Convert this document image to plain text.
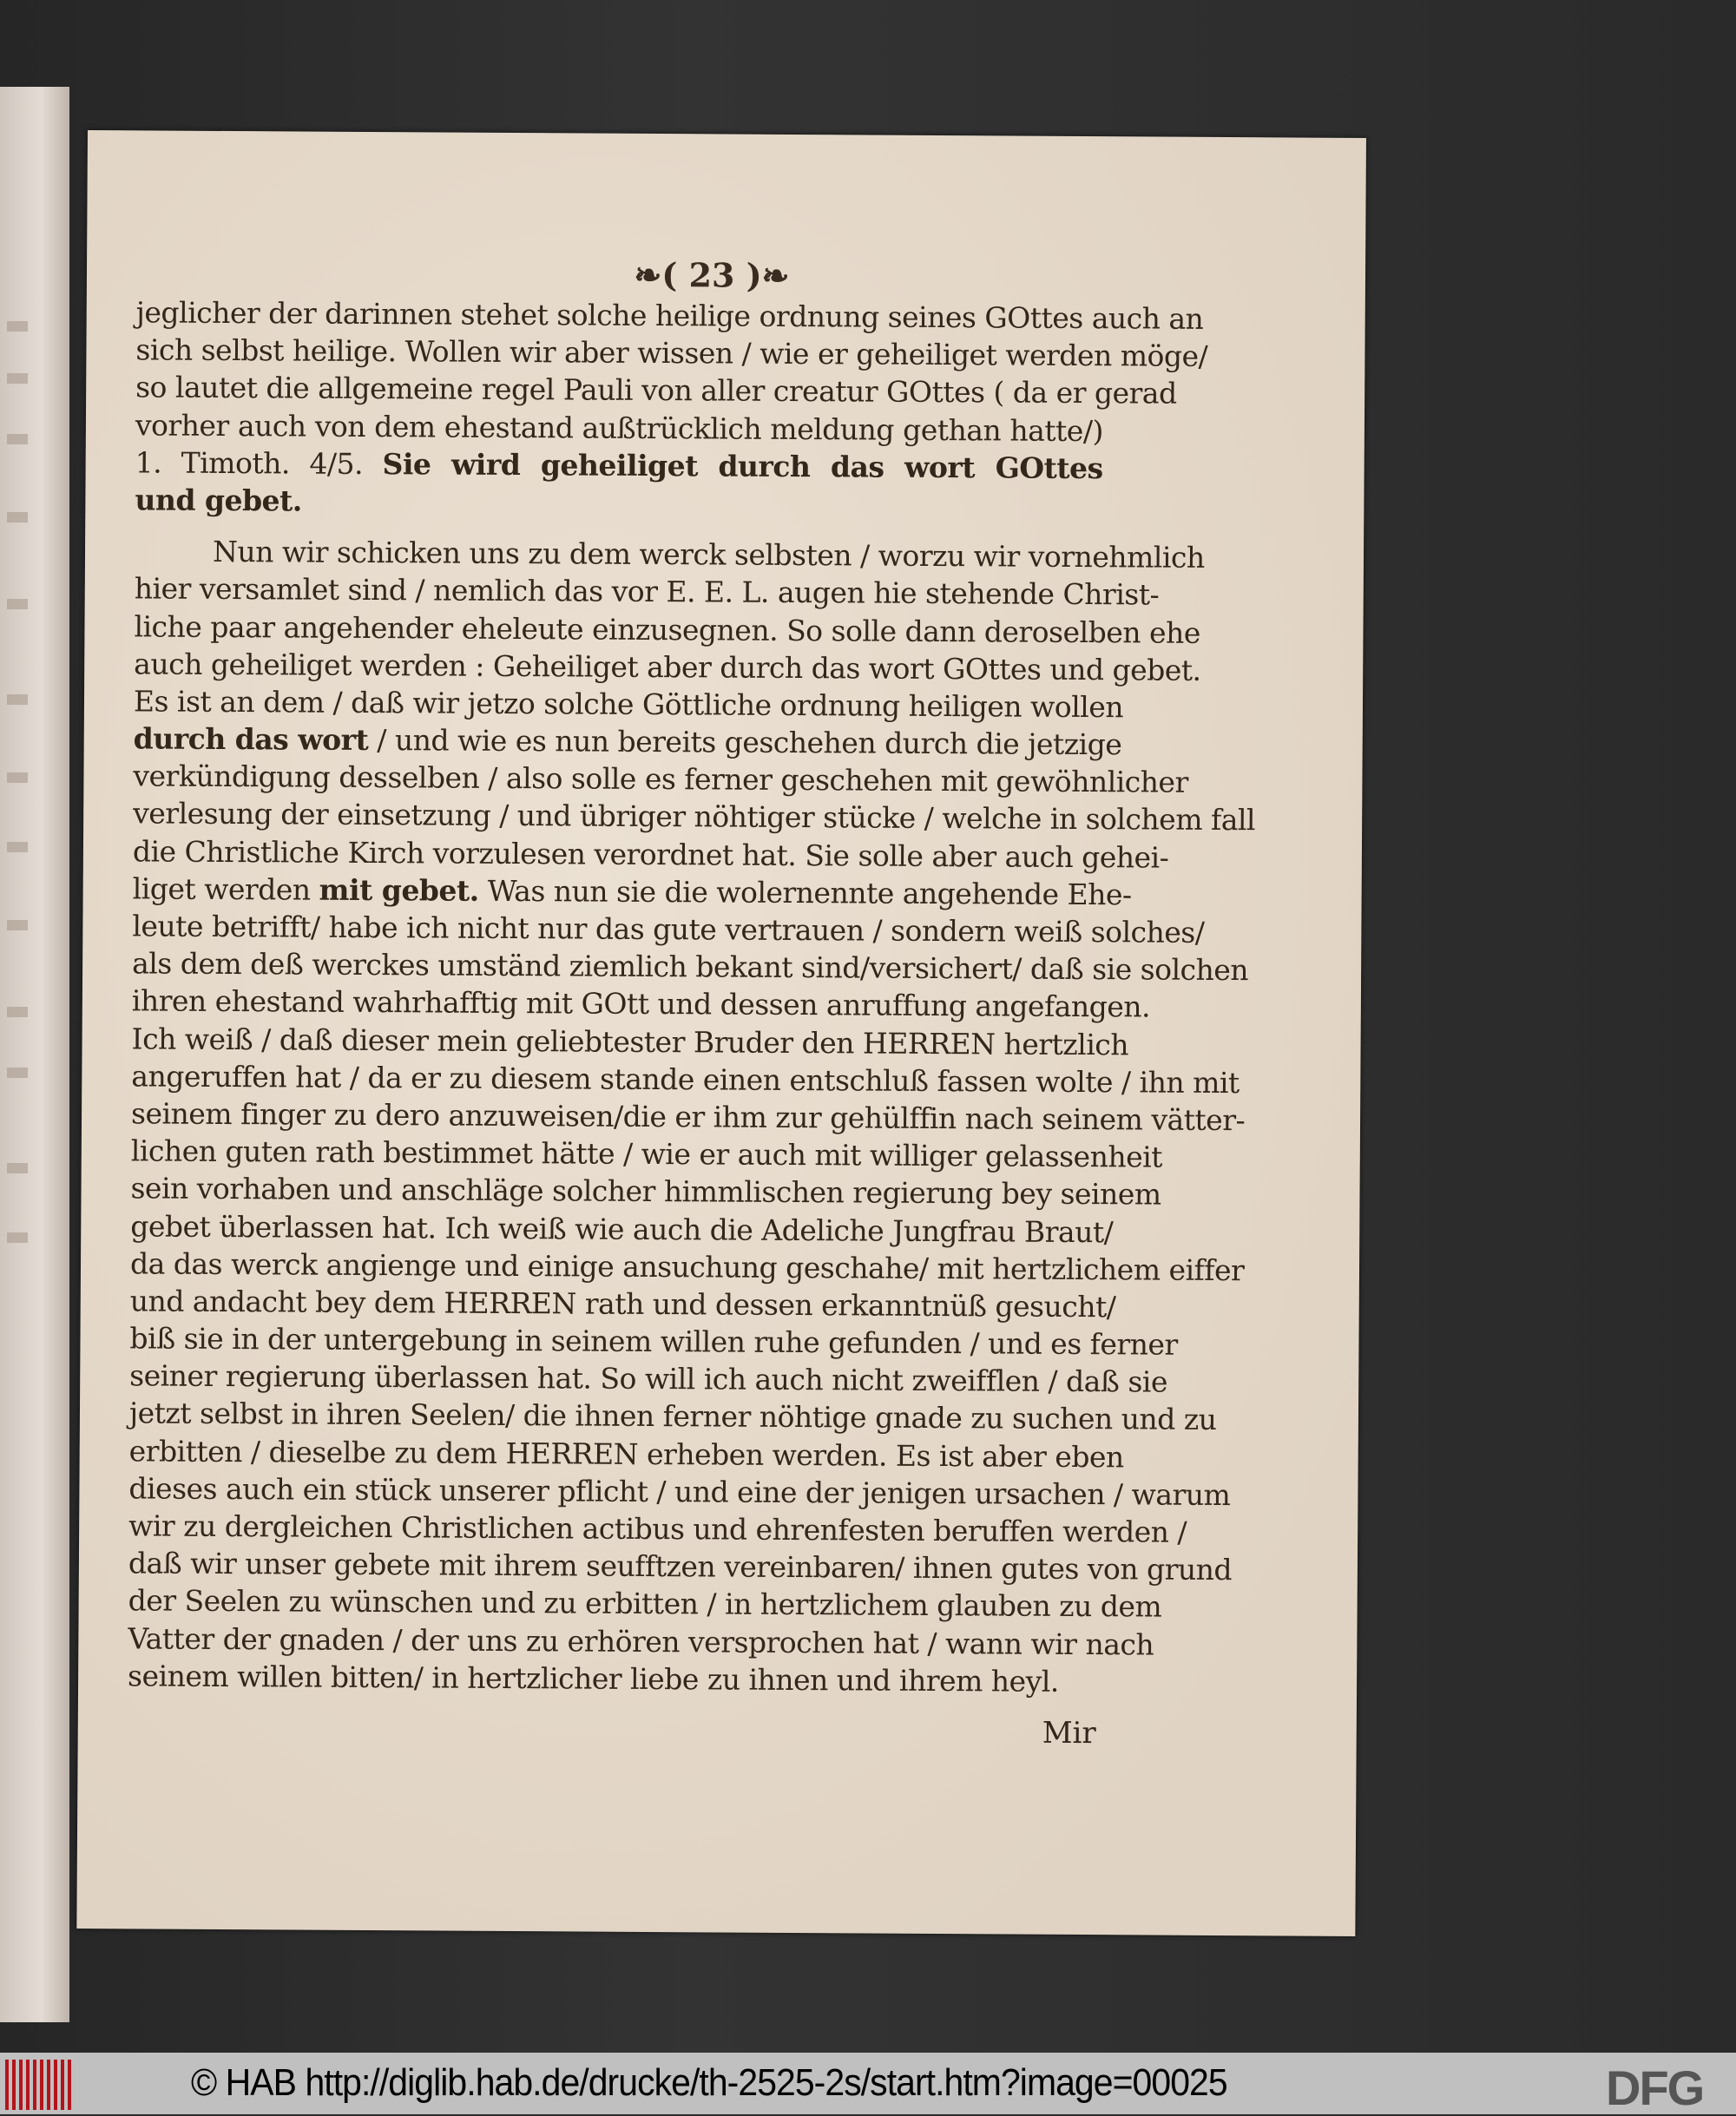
❧( 23 )❧
jeglicher der darinnen stehet solche heilige ordnung seines GOttes auch an
sich selbst heilige. Wollen wir aber wissen / wie er geheiliget werden möge/
so lautet die allgemeine regel Pauli von aller creatur GOttes ( da er gerad
vorher auch von dem ehestand außtrücklich meldung gethan hatte/)
1. Timoth. 4/5. Sie wird geheiliget durch das wort GOttes
und gebet.
Nun wir schicken uns zu dem werck selbsten / worzu wir vornehmlich
hier versamlet sind / nemlich das vor E. E. L. augen hie stehende Christ-
liche paar angehender eheleute einzusegnen. So solle dann deroselben ehe
auch geheiliget werden : Geheiliget aber durch das wort GOttes und gebet.
Es ist an dem / daß wir jetzo solche Göttliche ordnung heiligen wollen
durch das wort / und wie es nun bereits geschehen durch die jetzige
verkündigung desselben / also solle es ferner geschehen mit gewöhnlicher
verlesung der einsetzung / und übriger nöhtiger stücke / welche in solchem fall
die Christliche Kirch vorzulesen verordnet hat. Sie solle aber auch gehei-
liget werden mit gebet. Was nun sie die wolernennte angehende Ehe-
leute betrifft/ habe ich nicht nur das gute vertrauen / sondern weiß solches/
als dem deß werckes umständ ziemlich bekant sind/versichert/ daß sie solchen
ihren ehestand wahrhafftig mit GOtt und dessen anruffung angefangen.
Ich weiß / daß dieser mein geliebtester Bruder den HERREN hertzlich
angeruffen hat / da er zu diesem stande einen entschluß fassen wolte / ihn mit
seinem finger zu dero anzuweisen/die er ihm zur gehülffin nach seinem vätter-
lichen guten rath bestimmet hätte / wie er auch mit williger gelassenheit
sein vorhaben und anschläge solcher himmlischen regierung bey seinem
gebet überlassen hat. Ich weiß wie auch die Adeliche Jungfrau Braut/
da das werck angienge und einige ansuchung geschahe/ mit hertzlichem eiffer
und andacht bey dem HERREN rath und dessen erkanntnüß gesucht/
biß sie in der untergebung in seinem willen ruhe gefunden / und es ferner
seiner regierung überlassen hat. So will ich auch nicht zweifflen / daß sie
jetzt selbst in ihren Seelen/ die ihnen ferner nöhtige gnade zu suchen und zu
erbitten / dieselbe zu dem HERREN erheben werden. Es ist aber eben
dieses auch ein stück unserer pflicht / und eine der jenigen ursachen / warum
wir zu dergleichen Christlichen actibus und ehrenfesten beruffen werden /
daß wir unser gebete mit ihrem seufftzen vereinbaren/ ihnen gutes von grund
der Seelen zu wünschen und zu erbitten / in hertzlichem glauben zu dem
Vatter der gnaden / der uns zu erhören versprochen hat / wann wir nach
seinem willen bitten/ in hertzlicher liebe zu ihnen und ihrem heyl.
Mir
© HAB http://diglib.hab.de/drucke/th-2525-2s/start.htm?image=00025	DFG
